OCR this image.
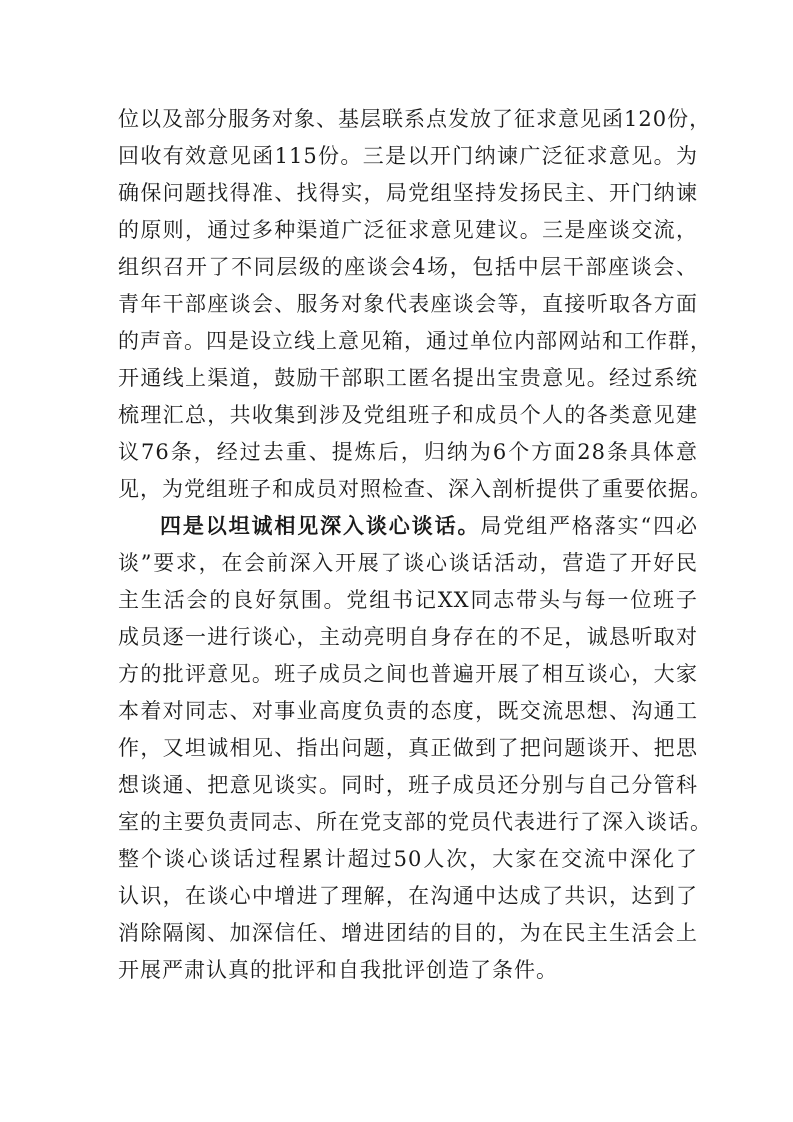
位以及部分服务对象、基层联系点发放了征求意见函120份，
回收有效意见函115份。三是以开门纳谏广泛征求意见。为
确保问题找得准、找得实，局党组坚持发扬民主、开门纳谏
的原则，通过多种渠道广泛征求意见建议。三是座谈交流，
组织召开了不同层级的座谈会4场，包括中层干部座谈会、
青年干部座谈会、服务对象代表座谈会等，直接听取各方面
的声音。四是设立线上意见箱，通过单位内部网站和工作群，
开通线上渠道，鼓励干部职工匿名提出宝贵意见。经过系统
梳理汇总，共收集到涉及党组班子和成员个人的各类意见建
议76条，经过去重、提炼后，归纳为6个方面28条具体意
见，为党组班子和成员对照检查、深入剖析提供了重要依据。
四是以坦诚相见深入谈心谈话。局党组严格落实“四必
谈”要求，在会前深入开展了谈心谈话活动，营造了开好民
主生活会的良好氛围。党组书记XX同志带头与每一位班子
成员逐一进行谈心，主动亮明自身存在的不足，诚恳听取对
方的批评意见。班子成员之间也普遍开展了相互谈心，大家
本着对同志、对事业高度负责的态度，既交流思想、沟通工
作，又坦诚相见、指出问题，真正做到了把问题谈开、把思
想谈通、把意见谈实。同时，班子成员还分别与自己分管科
室的主要负责同志、所在党支部的党员代表进行了深入谈话。
整个谈心谈话过程累计超过50人次，大家在交流中深化了
认识，在谈心中增进了理解，在沟通中达成了共识，达到了
消除隔阂、加深信任、增进团结的目的，为在民主生活会上
开展严肃认真的批评和自我批评创造了条件。
